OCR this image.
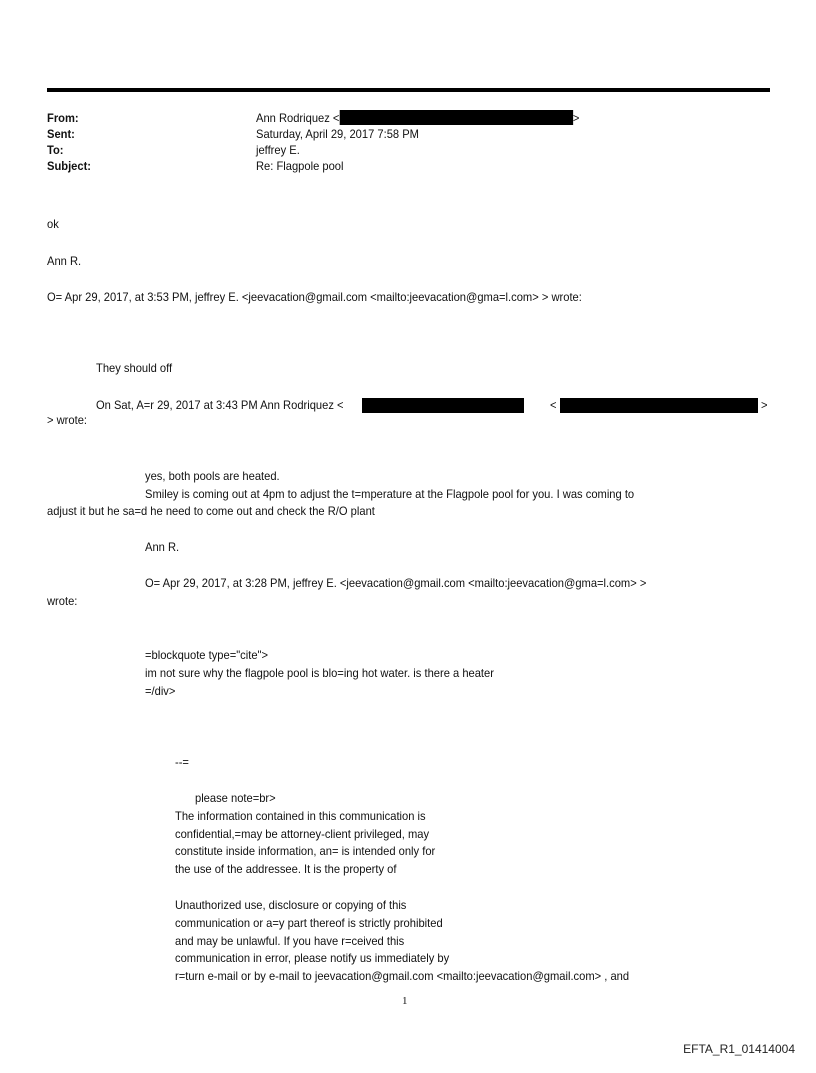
From:	Ann Rodriquez <	>
Sent:	Saturday, April 29, 2017 7:58 PM
To:	jeffrey E.
Subject:	Re: Flagpole pool
ok
Ann R.
O= Apr 29, 2017, at 3:53 PM, jeffrey E. <jeevacation@gmail.com <mailto:jeevacation@gma=l.com> > wrote:
They should off
On Sat, A=r 29, 2017 at 3:43 PM Ann Rodriquez <	<	>
> wrote:
yes, both pools are heated.
Smiley is coming out at 4pm to adjust the t=mperature at the Flagpole pool for you. I was coming to
adjust it but he sa=d he need to come out and check the R/O plant
Ann R.
O= Apr 29, 2017, at 3:28 PM, jeffrey E. <jeevacation@gmail.com <mailto:jeevacation@gma=l.com> >
wrote:
=blockquote type="cite">
im not sure why the flagpole pool is blo=ing hot water. is there a heater
=/div>
--=
please note=br>
The information contained in this communication is
confidential,=may be attorney-client privileged, may
constitute inside information, an= is intended only for
the use of the addressee. It is the property of
Unauthorized use, disclosure or copying of this
communication or a=y part thereof is strictly prohibited
and may be unlawful. If you have r=ceived this
communication in error, please notify us immediately by
r=turn e-mail or by e-mail to jeevacation@gmail.com <mailto:jeevacation@gmail.com> , and
1
EFTA_R1_01414004
